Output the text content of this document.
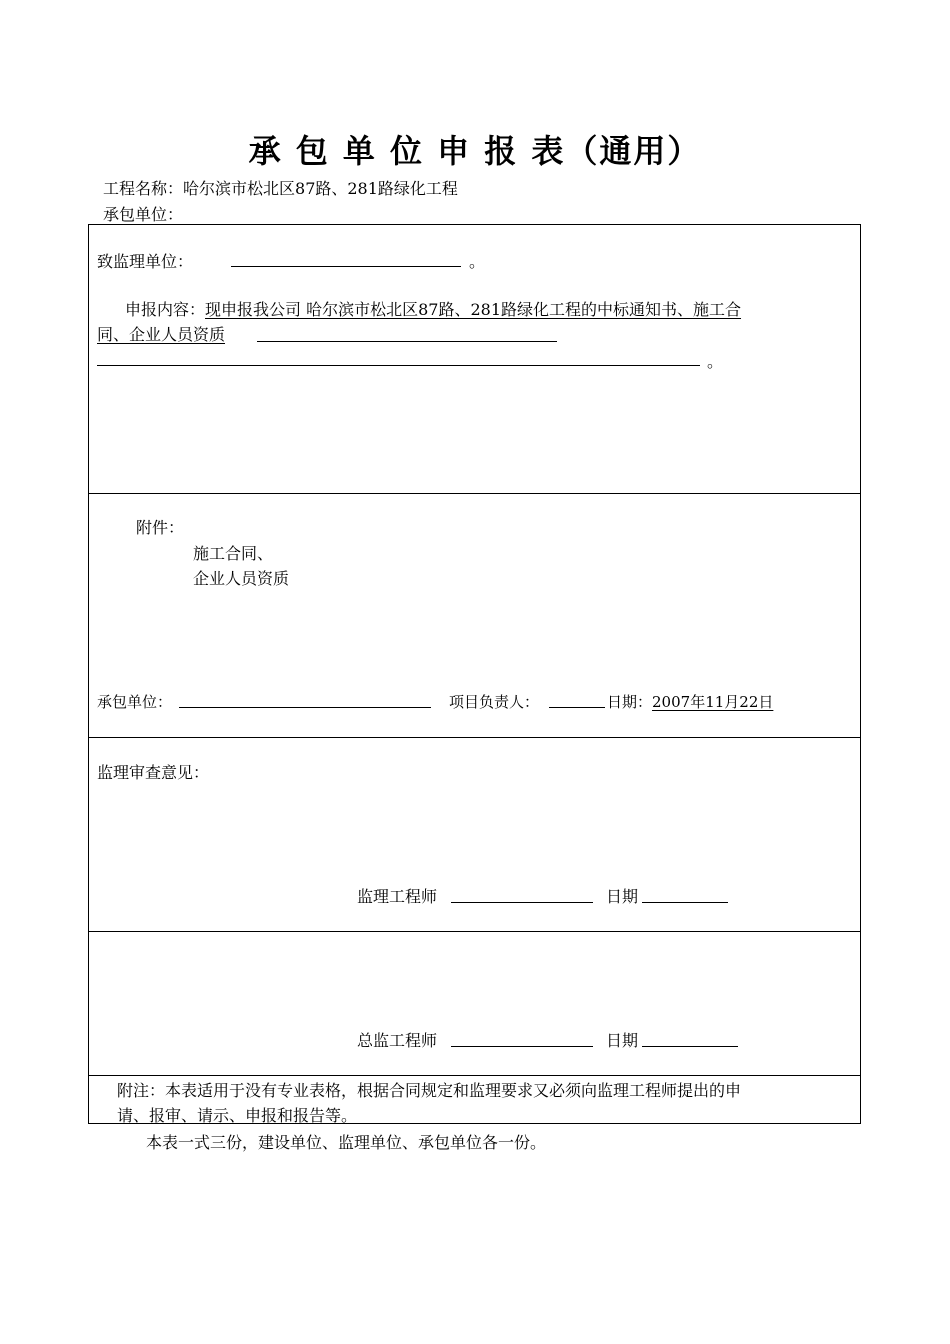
承 包 单 位 申 报 表（通用）
工程名称：哈尔滨市松北区87路、281路绿化工程
承包单位：
致监理单位：	。
申报内容：现申报我公司 哈尔滨市松北区87路、281路绿化工程的中标通知书、施工合
同、企业人员资质
。
附件：
施工合同、
企业人员资质
承包单位：	项目负责人：	日期：2007年11月22日
监理审查意见：
监理工程师	日期
总监工程师	日期
附注：本表适用于没有专业表格，根据合同规定和监理要求又必须向监理工程师提出的申
请、报审、请示、申报和报告等。
本表一式三份，建设单位、监理单位、承包单位各一份。
